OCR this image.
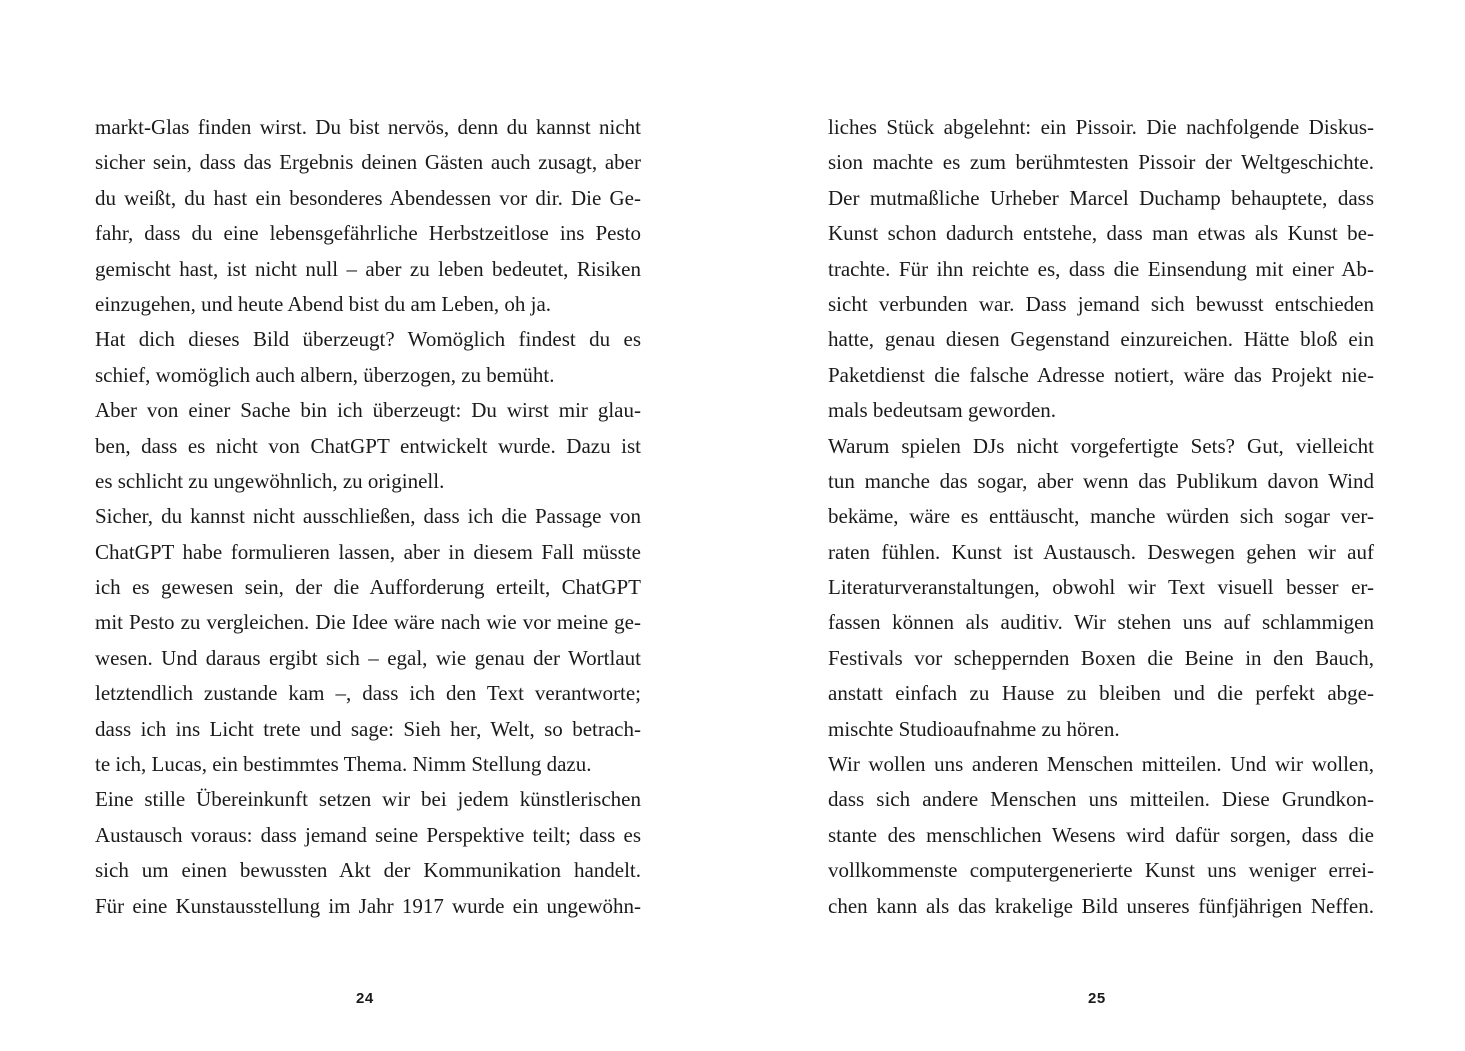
markt-Glas finden wirst. Du bist nervös, denn du kannst nicht
sicher sein, dass das Ergebnis deinen Gästen auch zusagt, aber
du weißt, du hast ein besonderes Abendessen vor dir. Die Ge-
fahr, dass du eine lebensgefährliche Herbstzeitlose ins Pesto
gemischt hast, ist nicht null – aber zu leben bedeutet, Risiken
einzugehen, und heute Abend bist du am Leben, oh ja.
Hat dich dieses Bild überzeugt? Womöglich findest du es
schief, womöglich auch albern, überzogen, zu bemüht.
Aber von einer Sache bin ich überzeugt: Du wirst mir glau-
ben, dass es nicht von ChatGPT entwickelt wurde. Dazu ist
es schlicht zu ungewöhnlich, zu originell.
Sicher, du kannst nicht ausschließen, dass ich die Passage von
ChatGPT habe formulieren lassen, aber in diesem Fall müsste
ich es gewesen sein, der die Aufforderung erteilt, ChatGPT
mit Pesto zu vergleichen. Die Idee wäre nach wie vor meine ge-
wesen. Und daraus ergibt sich – egal, wie genau der Wortlaut
letztendlich zustande kam –, dass ich den Text verantworte;
dass ich ins Licht trete und sage: Sieh her, Welt, so betrach-
te ich, Lucas, ein bestimmtes Thema. Nimm Stellung dazu.
Eine stille Übereinkunft setzen wir bei jedem künstlerischen
Austausch voraus: dass jemand seine Perspektive teilt; dass es
sich um einen bewussten Akt der Kommunikation handelt.
Für eine Kunstausstellung im Jahr 1917 wurde ein ungewöhn-
24
liches Stück abgelehnt: ein Pissoir. Die nachfolgende Diskus-
sion machte es zum berühmtesten Pissoir der Weltgeschichte.
Der mutmaßliche Urheber Marcel Duchamp behauptete, dass
Kunst schon dadurch entstehe, dass man etwas als Kunst be-
trachte. Für ihn reichte es, dass die Einsendung mit einer Ab-
sicht verbunden war. Dass jemand sich bewusst entschieden
hatte, genau diesen Gegenstand einzureichen. Hätte bloß ein
Paketdienst die falsche Adresse notiert, wäre das Projekt nie-
mals bedeutsam geworden.
Warum spielen DJs nicht vorgefertigte Sets? Gut, vielleicht
tun manche das sogar, aber wenn das Publikum davon Wind
bekäme, wäre es enttäuscht, manche würden sich sogar ver-
raten fühlen. Kunst ist Austausch. Deswegen gehen wir auf
Literaturveranstaltungen, obwohl wir Text visuell besser er-
fassen können als auditiv. Wir stehen uns auf schlammigen
Festivals vor scheppernden Boxen die Beine in den Bauch,
anstatt einfach zu Hause zu bleiben und die perfekt abge-
mischte Studioaufnahme zu hören.
Wir wollen uns anderen Menschen mitteilen. Und wir wollen,
dass sich andere Menschen uns mitteilen. Diese Grundkon-
stante des menschlichen Wesens wird dafür sorgen, dass die
vollkommenste computergenerierte Kunst uns weniger errei-
chen kann als das krakelige Bild unseres fünfjährigen Neffen.
25
